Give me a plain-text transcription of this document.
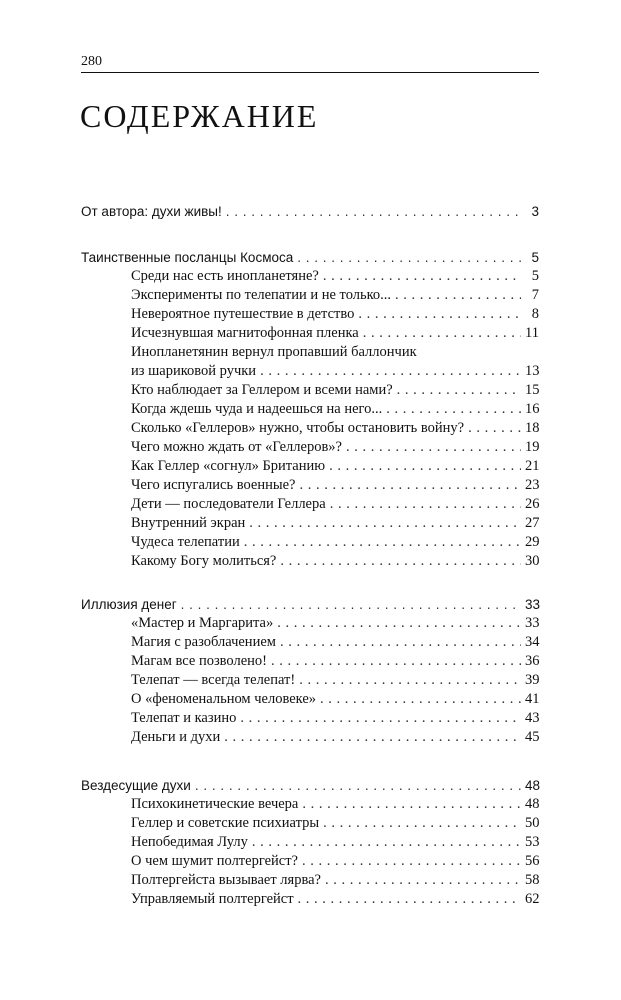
280
СОДЕРЖАНИЕ
От автора: духи живы! . . .	3
Таинственные посланцы Космоса . . .	5
Среди нас есть инопланетяне? . . .	5
Эксперименты по телепатии и не только... . . .	7
Невероятное путешествие в детство . . .	8
Исчезнувшая магнитофонная пленка . . .	11
Инопланетянин вернул пропавший баллончик
из шариковой ручки . . .	13
Кто наблюдает за Геллером и всеми нами? . . .	15
Когда ждешь чуда и надеешься на него... . . .	16
Сколько «Геллеров» нужно, чтобы остановить войну? . . .	18
Чего можно ждать от «Геллеров»? . . .	19
Как Геллер «согнул» Британию . . .	21
Чего испугались военные? . . .	23
Дети — последователи Геллера . . .	26
Внутренний экран . . .	27
Чудеса телепатии . . .	29
Какому Богу молиться? . . .	30
Иллюзия денег . . .	33
«Мастер и Маргарита» . . .	33
Магия с разоблачением . . .	34
Магам все позволено! . . .	36
Телепат — всегда телепат! . . .	39
О «феноменальном человеке» . . .	41
Телепат и казино . . .	43
Деньги и духи . . .	45
Вездесущие духи . . .	48
Психокинетические вечера . . .	48
Геллер и советские психиатры . . .	50
Непобедимая Лулу . . .	53
О чем шумит полтергейст? . . .	56
Полтергейста вызывает лярва? . . .	58
Управляемый полтергейст . . .	62
